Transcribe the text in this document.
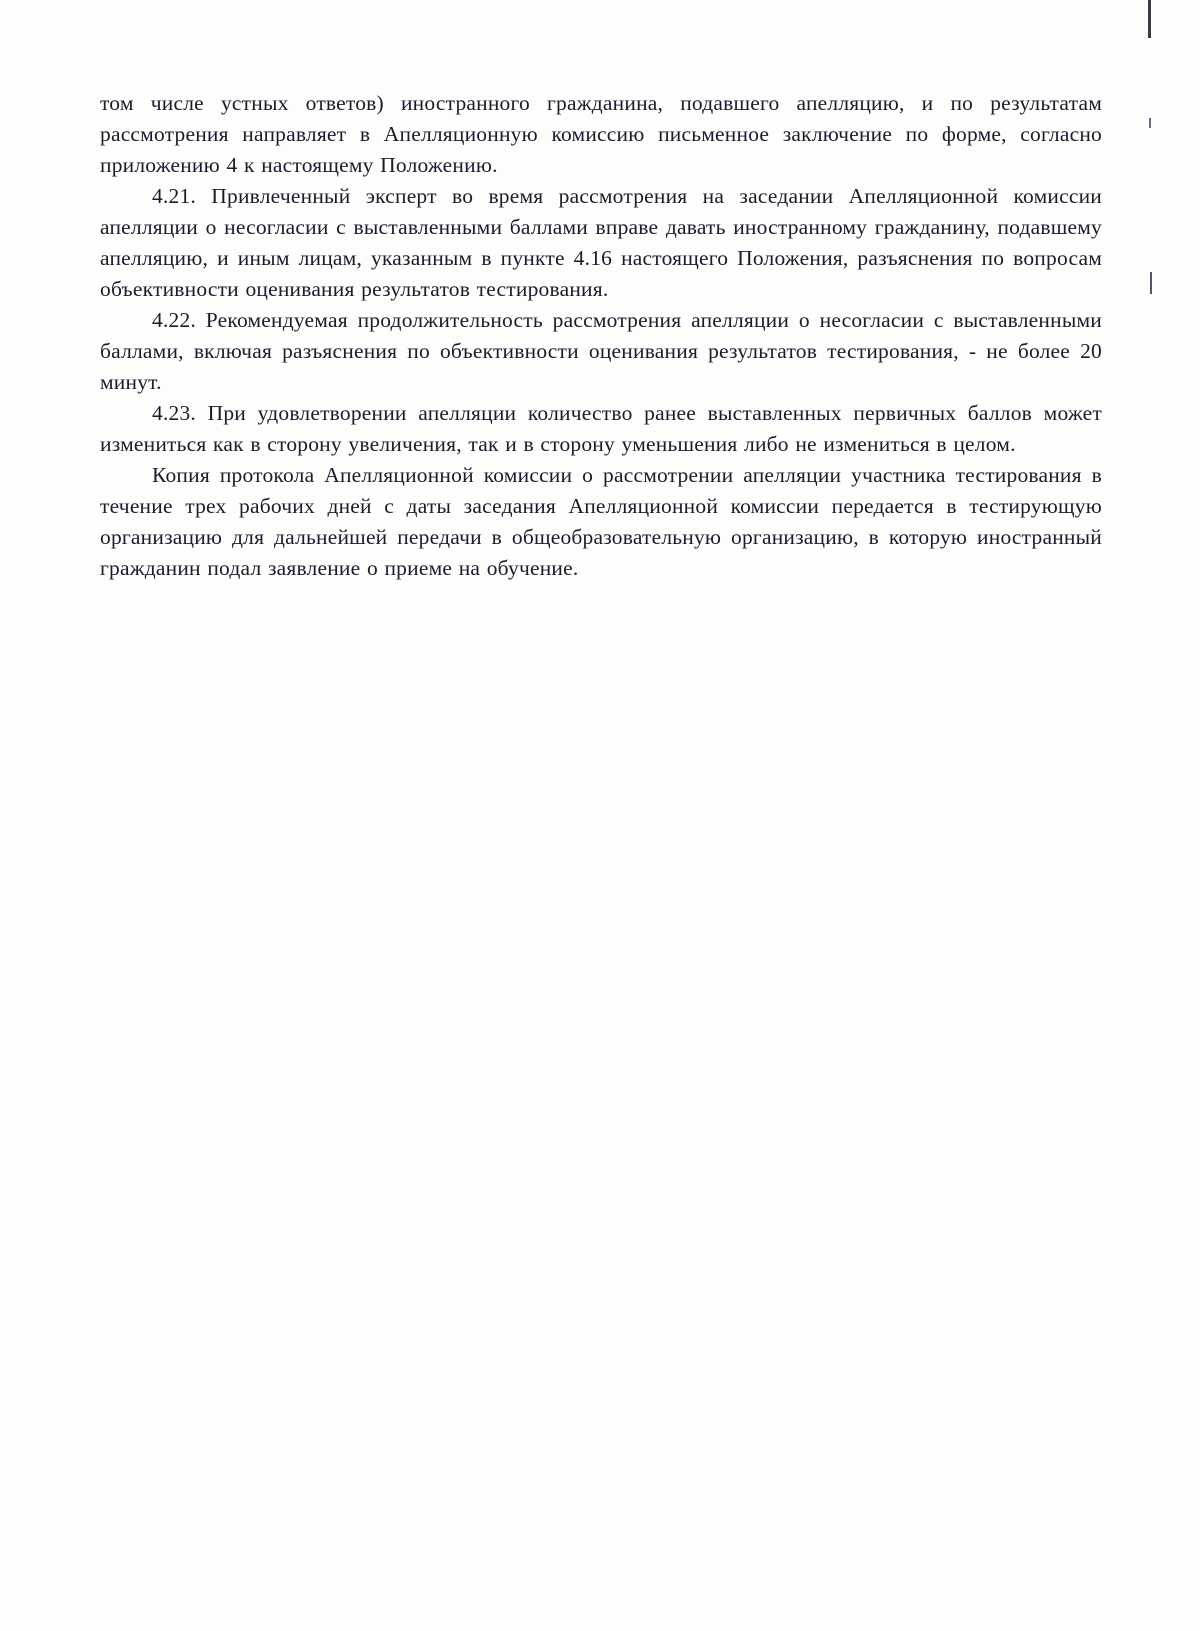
том числе устных ответов) иностранного гражданина, подавшего апелляцию, и по результатам рассмотрения направляет в Апелляционную комиссию письменное заключение по форме, согласно приложению 4 к настоящему Положению.

4.21. Привлеченный эксперт во время рассмотрения на заседании Апелляционной комиссии апелляции о несогласии с выставленными баллами вправе давать иностранному гражданину, подавшему апелляцию, и иным лицам, указанным в пункте 4.16 настоящего Положения, разъяснения по вопросам объективности оценивания результатов тестирования.

4.22. Рекомендуемая продолжительность рассмотрения апелляции о несогласии с выставленными баллами, включая разъяснения по объективности оценивания результатов тестирования, - не более 20 минут.

4.23. При удовлетворении апелляции количество ранее выставленных первичных баллов может измениться как в сторону увеличения, так и в сторону уменьшения либо не измениться в целом.

Копия протокола Апелляционной комиссии о рассмотрении апелляции участника тестирования в течение трех рабочих дней с даты заседания Апелляционной комиссии передается в тестирующую организацию для дальнейшей передачи в общеобразовательную организацию, в которую иностранный гражданин подал заявление о приеме на обучение.
